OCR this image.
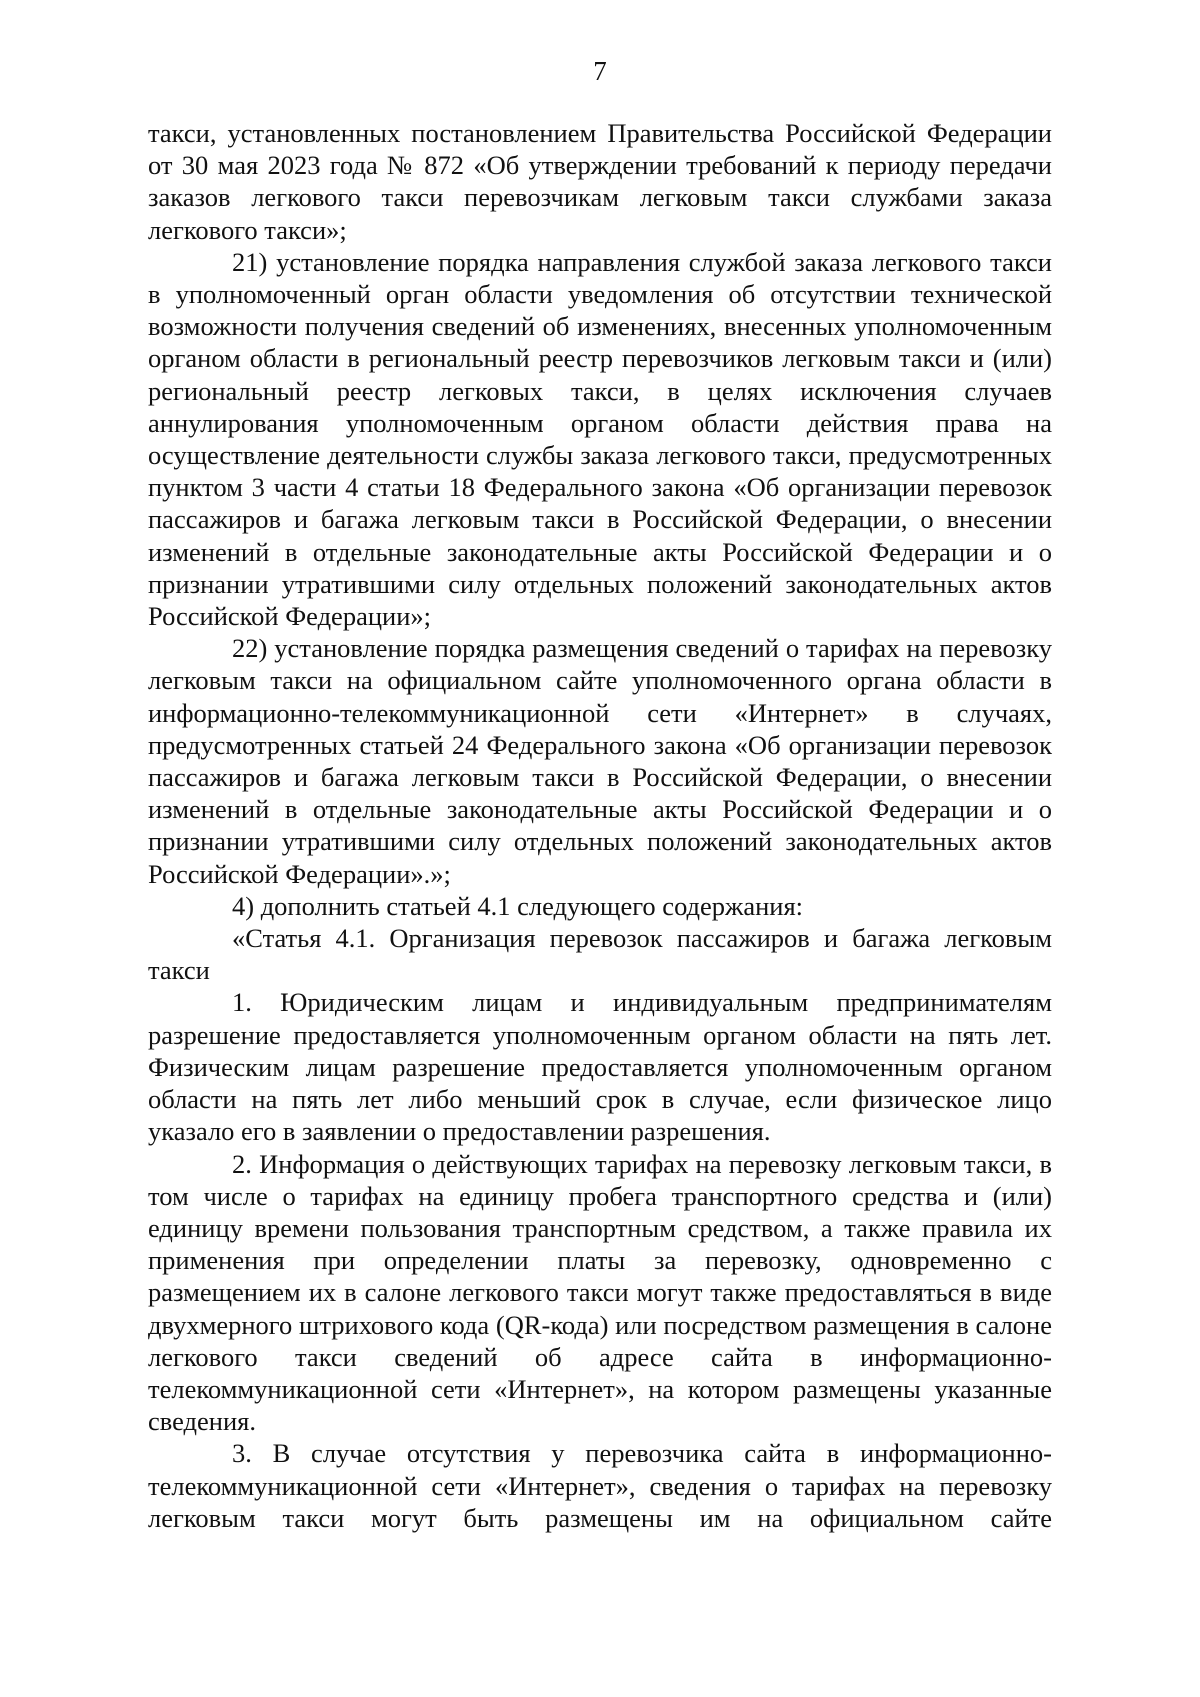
7

такси, установленных постановлением Правительства Российской Федерации от 30 мая 2023 года № 872 «Об утверждении требований к периоду передачи заказов легкового такси перевозчикам легковым такси службами заказа легкового такси»;

21) установление порядка направления службой заказа легкового такси в уполномоченный орган области уведомления об отсутствии технической возможности получения сведений об изменениях, внесенных уполномоченным органом области в региональный реестр перевозчиков легковым такси и (или) региональный реестр легковых такси, в целях исключения случаев аннулирования уполномоченным органом области действия права на осуществление деятельности службы заказа легкового такси, предусмотренных пунктом 3 части 4 статьи 18 Федерального закона «Об организации перевозок пассажиров и багажа легковым такси в Российской Федерации, о внесении изменений в отдельные законодательные акты Российской Федерации и о признании утратившими силу отдельных положений законодательных актов Российской Федерации»;

22) установление порядка размещения сведений о тарифах на перевозку легковым такси на официальном сайте уполномоченного органа области в информационно-телекоммуникационной сети «Интернет» в случаях, предусмотренных статьей 24 Федерального закона «Об организации перевозок пассажиров и багажа легковым такси в Российской Федерации, о внесении изменений в отдельные законодательные акты Российской Федерации и о признании утратившими силу отдельных положений законодательных актов Российской Федерации».»;

4) дополнить статьей 4.1 следующего содержания:

«Статья 4.1. Организация перевозок пассажиров и багажа легковым такси

1. Юридическим лицам и индивидуальным предпринимателям разрешение предоставляется уполномоченным органом области на пять лет. Физическим лицам разрешение предоставляется уполномоченным органом области на пять лет либо меньший срок в случае, если физическое лицо указало его в заявлении о предоставлении разрешения.

2. Информация о действующих тарифах на перевозку легковым такси, в том числе о тарифах на единицу пробега транспортного средства и (или) единицу времени пользования транспортным средством, а также правила их применения при определении платы за перевозку, одновременно с размещением их в салоне легкового такси могут также предоставляться в виде двухмерного штрихового кода (QR-кода) или посредством размещения в салоне легкового такси сведений об адресе сайта в информационно-телекоммуникационной сети «Интернет», на котором размещены указанные сведения.

3. В случае отсутствия у перевозчика сайта в информационно-телекоммуникационной сети «Интернет», сведения о тарифах на перевозку легковым такси могут быть размещены им на официальном сайте
